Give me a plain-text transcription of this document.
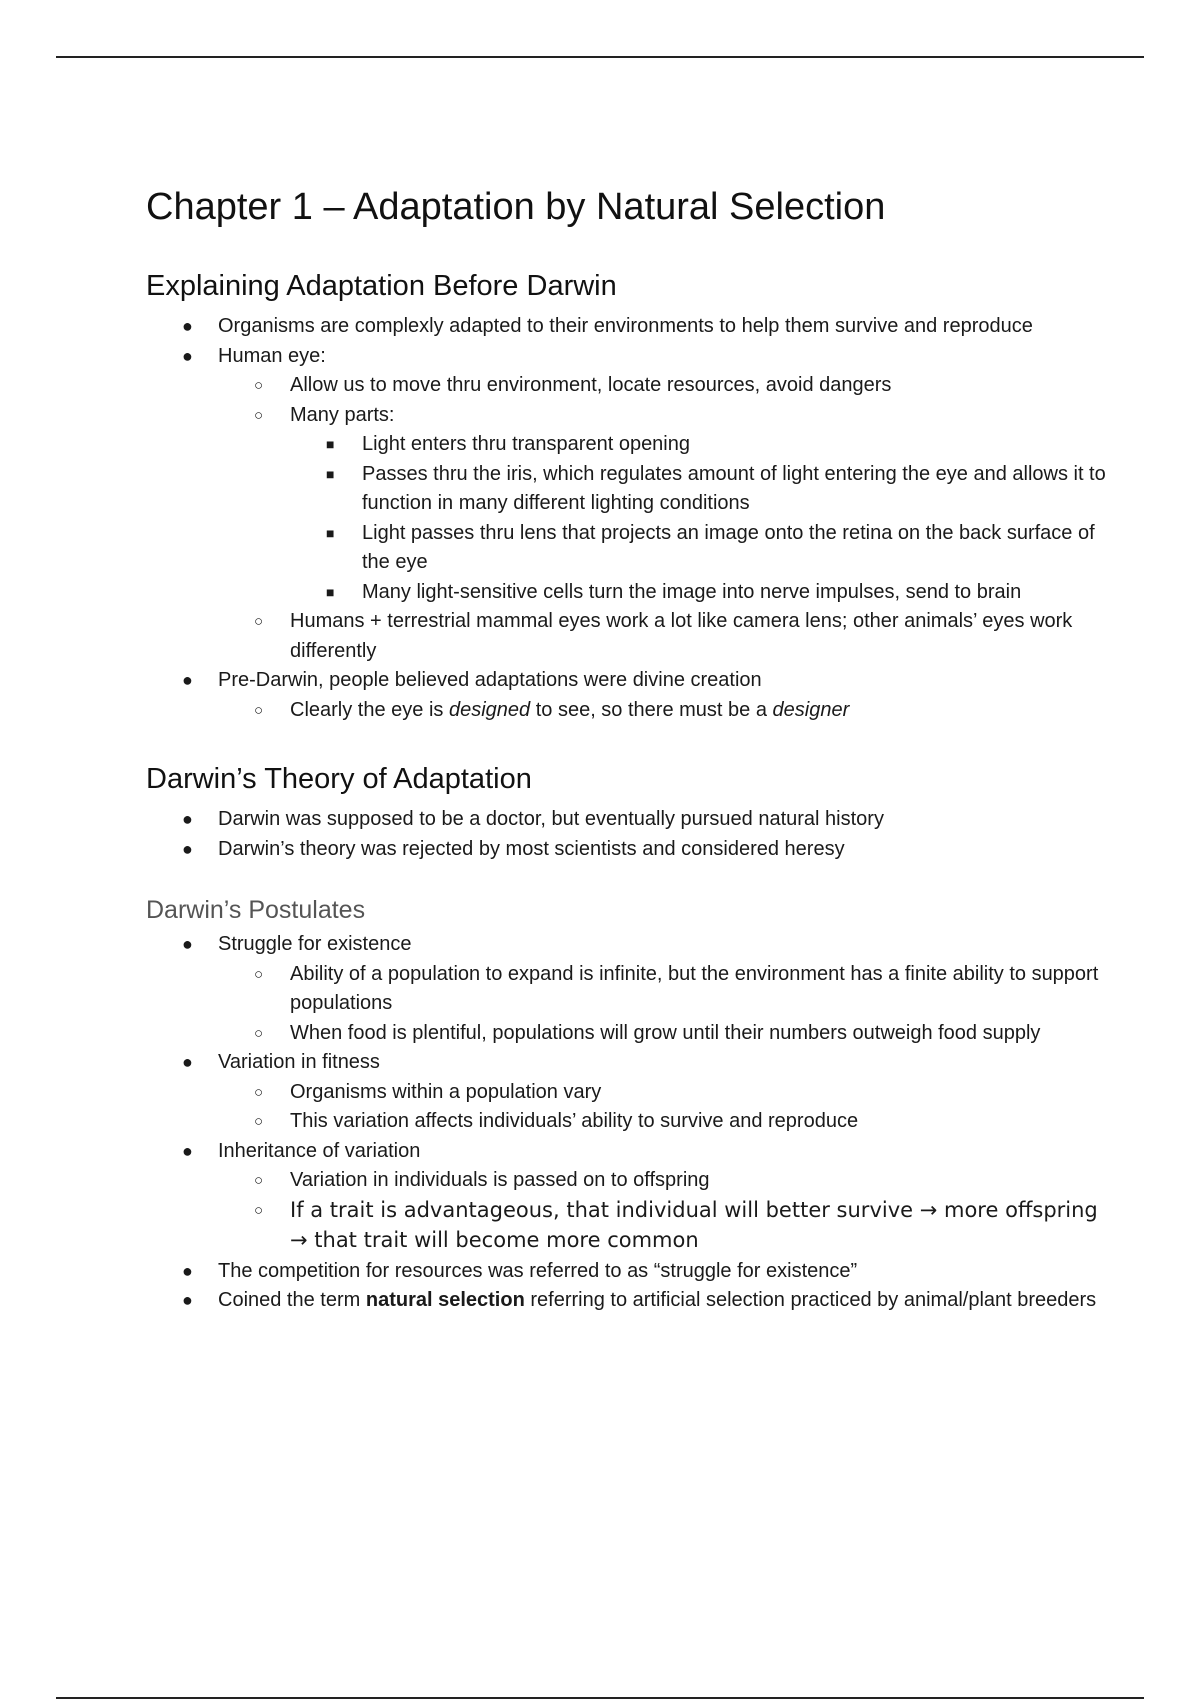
Chapter 1 – Adaptation by Natural Selection
Explaining Adaptation Before Darwin
● Organisms are complexly adapted to their environments to help them survive and reproduce
● Human eye:
○ Allow us to move thru environment, locate resources, avoid dangers
○ Many parts:
■ Light enters thru transparent opening
■ Passes thru the iris, which regulates amount of light entering the eye and allows it to function in many different lighting conditions
■ Light passes thru lens that projects an image onto the retina on the back surface of the eye
■ Many light-sensitive cells turn the image into nerve impulses, send to brain
○ Humans + terrestrial mammal eyes work a lot like camera lens; other animals’ eyes work differently
● Pre-Darwin, people believed adaptations were divine creation
○ Clearly the eye is designed to see, so there must be a designer
Darwin’s Theory of Adaptation
● Darwin was supposed to be a doctor, but eventually pursued natural history
● Darwin’s theory was rejected by most scientists and considered heresy
Darwin’s Postulates
● Struggle for existence
○ Ability of a population to expand is infinite, but the environment has a finite ability to support populations
○ When food is plentiful, populations will grow until their numbers outweigh food supply
● Variation in fitness
○ Organisms within a population vary
○ This variation affects individuals’ ability to survive and reproduce
● Inheritance of variation
○ Variation in individuals is passed on to offspring
○ If a trait is advantageous, that individual will better survive → more offspring → that trait will become more common
● The competition for resources was referred to as “struggle for existence”
● Coined the term natural selection referring to artificial selection practiced by animal/plant breeders
